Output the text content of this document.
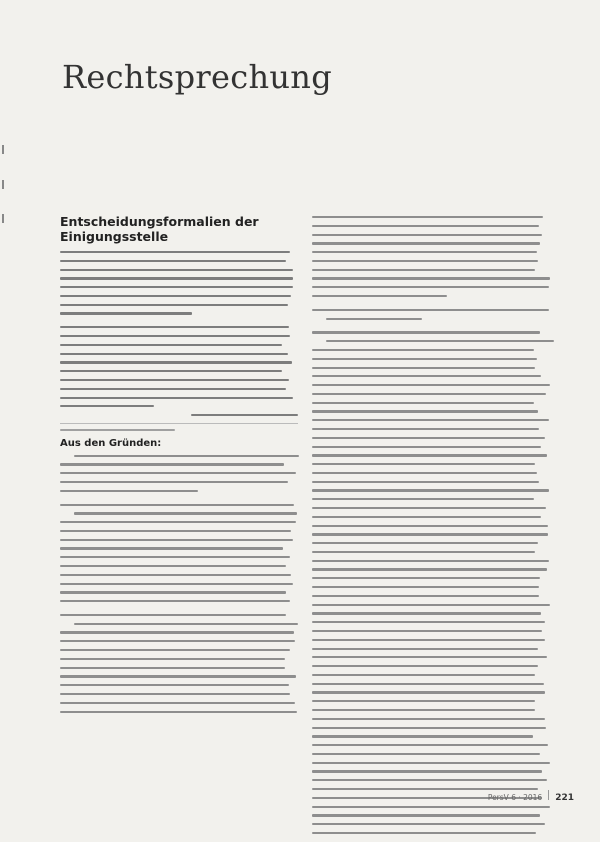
Rechtsprechung
Entscheidungsformalien der Einigungsstelle
Aus den Gründen:
PersV 6 · 2016 221
